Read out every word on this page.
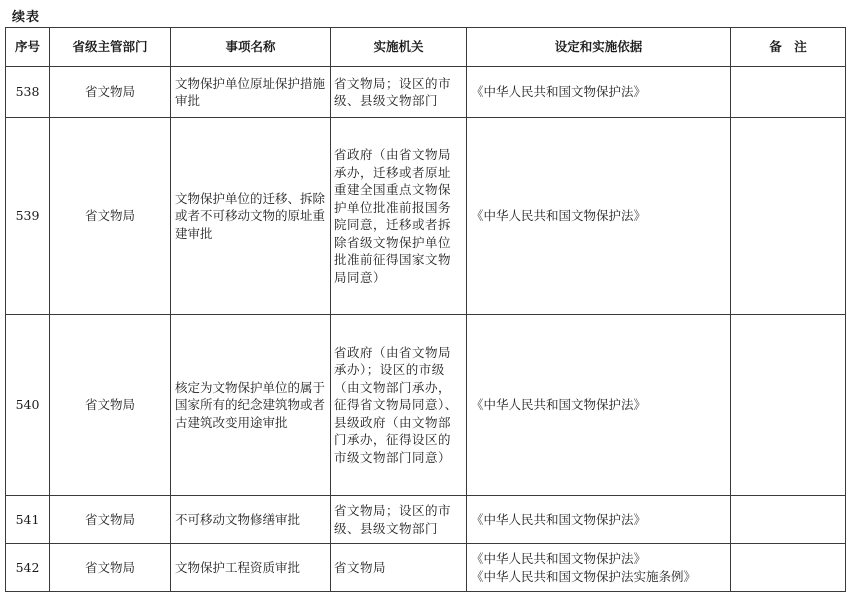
续表
序号	省级主管部门	事项名称	实施机关	设定和实施依据	备　注
538	省文物局	文物保护单位原址保护措施审批	省文物局；设区的市级、县级文物部门	《中华人民共和国文物保护法》	

539	省文物局	文物保护单位的迁移、拆除或者不可移动文物的原址重建审批	省政府（由省文物局承办，迁移或者原址重建全国重点文物保护单位批准前报国务院同意，迁移或者拆除省级文物保护单位批准前征得国家文物局同意）	《中华人民共和国文物保护法》	

540	省文物局	核定为文物保护单位的属于国家所有的纪念建筑物或者古建筑改变用途审批	省政府（由省文物局承办）；设区的市级（由文物部门承办，征得省文物局同意）、县级政府（由文物部门承办，征得设区的市级文物部门同意）	《中华人民共和国文物保护法》	

541	省文物局	不可移动文物修缮审批	省文物局；设区的市级、县级文物部门	《中华人民共和国文物保护法》	

542	省文物局	文物保护工程资质审批	省文物局	《中华人民共和国文物保护法》
《中华人民共和国文物保护法实施条例》	
